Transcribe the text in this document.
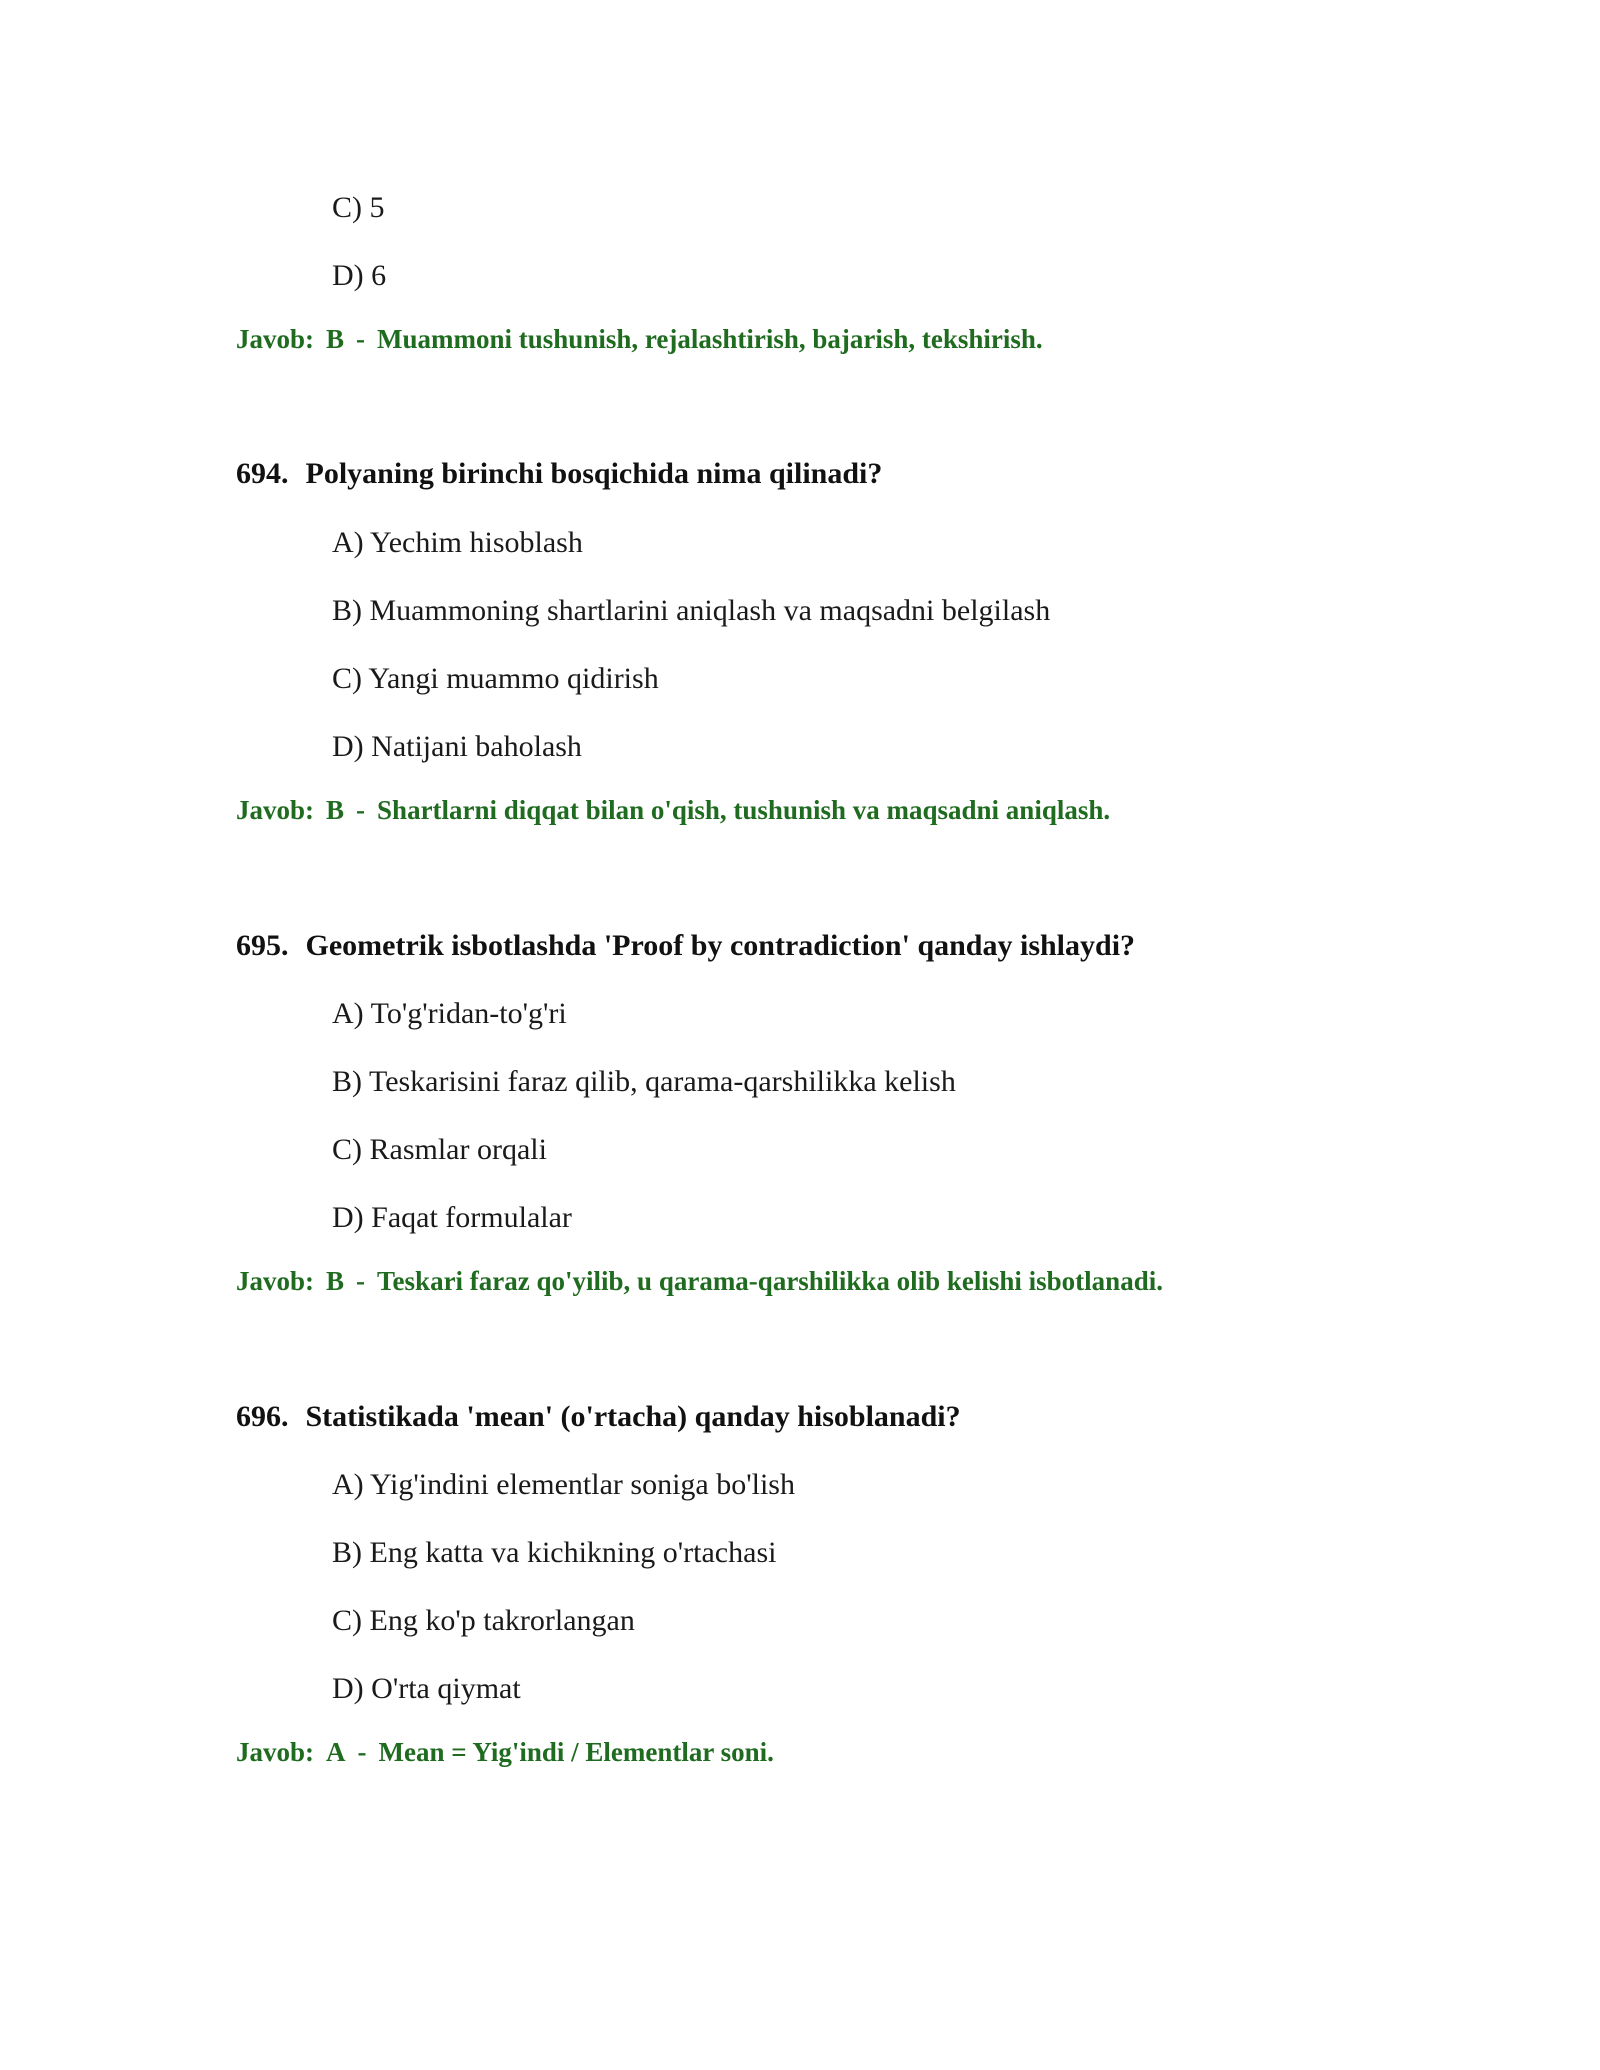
C) 5
D) 6
Javob: B - Muammoni tushunish, rejalashtirish, bajarish, tekshirish.
694. Polyaning birinchi bosqichida nima qilinadi?
A) Yechim hisoblash
B) Muammoning shartlarini aniqlash va maqsadni belgilash
C) Yangi muammo qidirish
D) Natijani baholash
Javob: B - Shartlarni diqqat bilan o'qish, tushunish va maqsadni aniqlash.
695. Geometrik isbotlashda 'Proof by contradiction' qanday ishlaydi?
A) To'g'ridan-to'g'ri
B) Teskarisini faraz qilib, qarama-qarshilikka kelish
C) Rasmlar orqali
D) Faqat formulalar
Javob: B - Teskari faraz qo'yilib, u qarama-qarshilikka olib kelishi isbotlanadi.
696. Statistikada 'mean' (o'rtacha) qanday hisoblanadi?
A) Yig'indini elementlar soniga bo'lish
B) Eng katta va kichikning o'rtachasi
C) Eng ko'p takrorlangan
D) O'rta qiymat
Javob: A - Mean = Yig'indi / Elementlar soni.
